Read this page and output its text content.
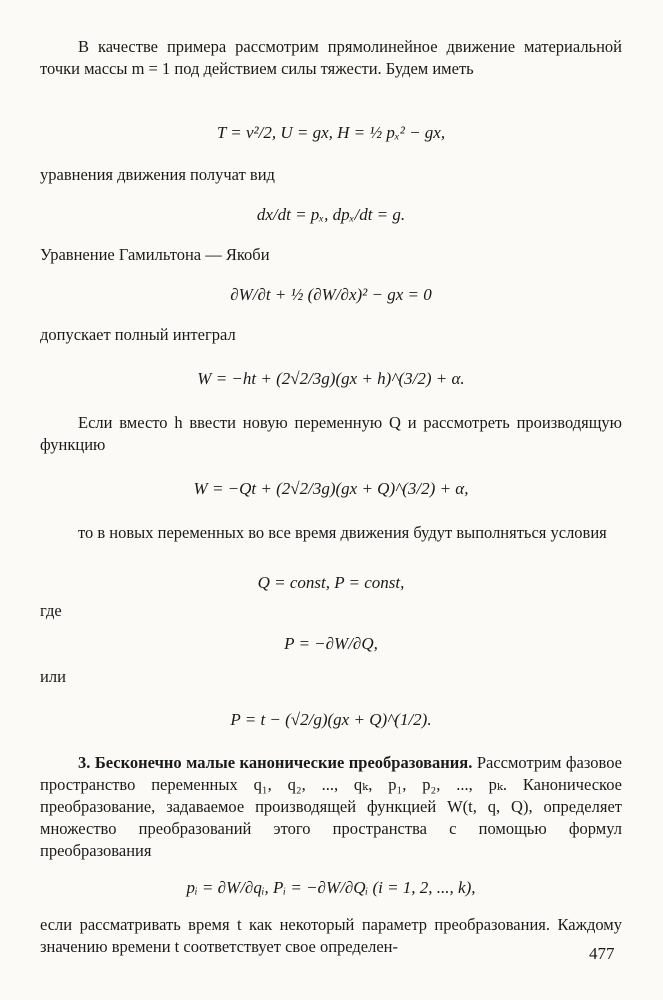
В качестве примера рассмотрим прямолинейное движение материальной точки массы m = 1 под действием силы тяжести. Будем иметь

T = v²/2, U = gx, H = ½ pₓ² − gx,

уравнения движения получат вид

dx/dt = pₓ, dpₓ/dt = g.

Уравнение Гамильтона — Якоби

∂W/∂t + ½ (∂W/∂x)² − gx = 0

допускает полный интеграл

W = −ht + (2√2/3g)(gx + h)^(3/2) + α.

Если вместо h ввести новую переменную Q и рассмотреть производящую функцию

W = −Qt + (2√2/3g)(gx + Q)^(3/2) + α,

то в новых переменных во все время движения будут выполняться условия

Q = const, P = const,

где

P = −∂W/∂Q,

или

P = t − (√2/g)(gx + Q)^(1/2).

3. Бесконечно малые канонические преобразования. Рассмотрим фазовое пространство переменных q₁, q₂, ..., qₖ, p₁, p₂, ..., pₖ. Каноническое преобразование, задаваемое производящей функцией W(t, q, Q), определяет множество преобразований этого пространства с помощью формул преобразования

pᵢ = ∂W/∂qᵢ, Pᵢ = −∂W/∂Qᵢ (i = 1, 2, ..., k),

если рассматривать время t как некоторый параметр преобразования. Каждому значению времени t соответствует свое определен-	477
